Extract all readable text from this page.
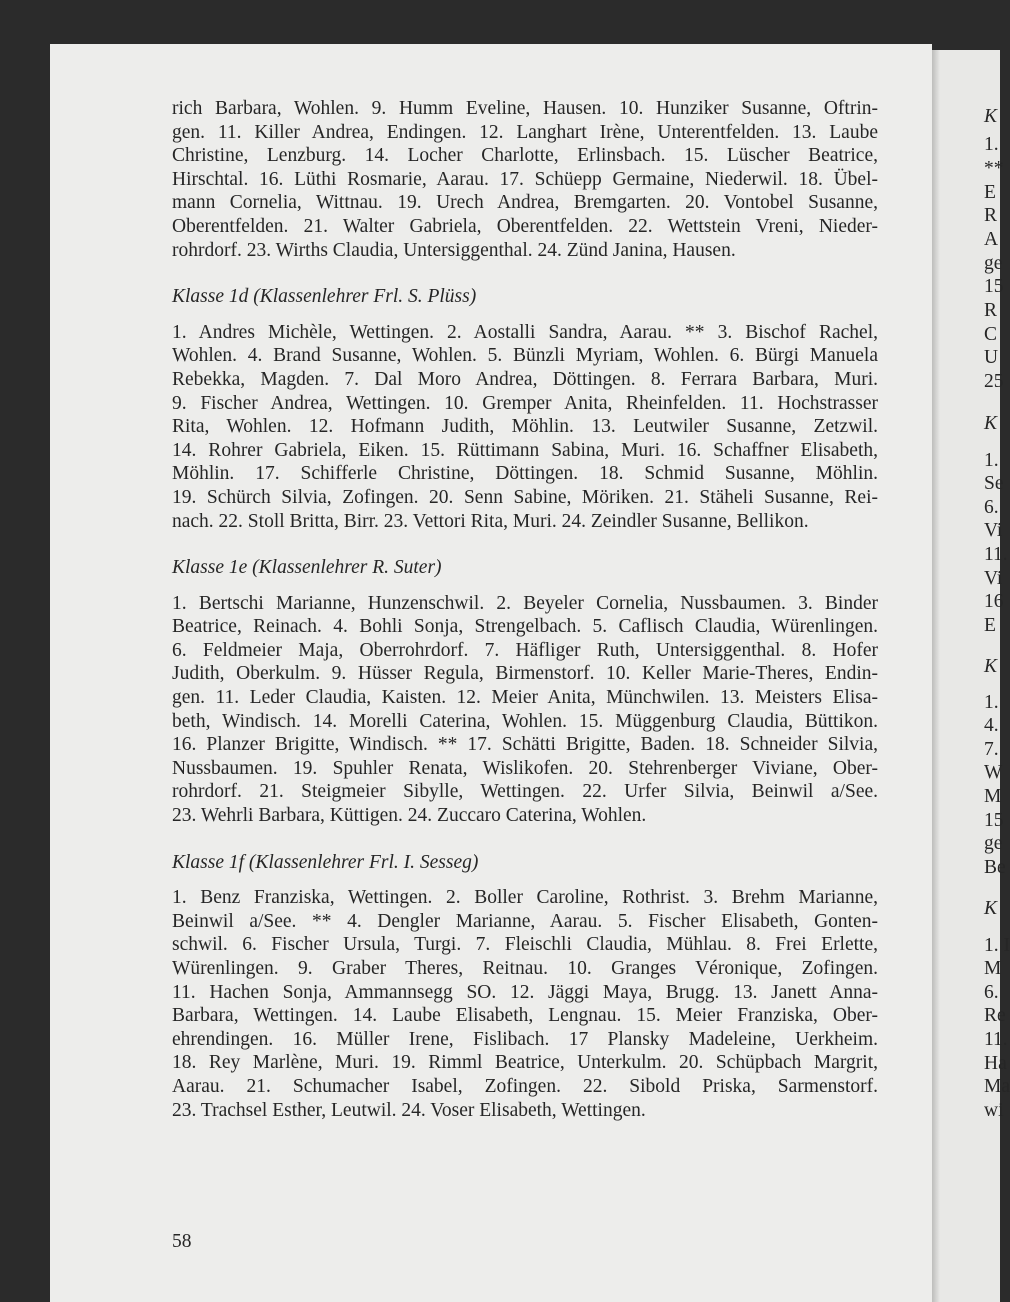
rich Barbara, Wohlen. 9. Humm Eveline, Hausen. 10. Hunziker Susanne, Oftrin-
gen. 11. Killer Andrea, Endingen. 12. Langhart Irène, Unterentfelden. 13. Laube
Christine, Lenzburg. 14. Locher Charlotte, Erlinsbach. 15. Lüscher Beatrice,
Hirschtal. 16. Lüthi Rosmarie, Aarau. 17. Schüepp Germaine, Niederwil. 18. Übel-
mann Cornelia, Wittnau. 19. Urech Andrea, Bremgarten. 20. Vontobel Susanne,
Oberentfelden. 21. Walter Gabriela, Oberentfelden. 22. Wettstein Vreni, Nieder-
rohrdorf. 23. Wirths Claudia, Untersiggenthal. 24. Zünd Janina, Hausen.

Klasse 1d (Klassenlehrer Frl. S. Plüss)

1. Andres Michèle, Wettingen. 2. Aostalli Sandra, Aarau. ** 3. Bischof Rachel,
Wohlen. 4. Brand Susanne, Wohlen. 5. Bünzli Myriam, Wohlen. 6. Bürgi Manuela
Rebekka, Magden. 7. Dal Moro Andrea, Döttingen. 8. Ferrara Barbara, Muri.
9. Fischer Andrea, Wettingen. 10. Gremper Anita, Rheinfelden. 11. Hochstrasser
Rita, Wohlen. 12. Hofmann Judith, Möhlin. 13. Leutwiler Susanne, Zetzwil.
14. Rohrer Gabriela, Eiken. 15. Rüttimann Sabina, Muri. 16. Schaffner Elisabeth,
Möhlin. 17. Schifferle Christine, Döttingen. 18. Schmid Susanne, Möhlin.
19. Schürch Silvia, Zofingen. 20. Senn Sabine, Möriken. 21. Stäheli Susanne, Rei-
nach. 22. Stoll Britta, Birr. 23. Vettori Rita, Muri. 24. Zeindler Susanne, Bellikon.

Klasse 1e (Klassenlehrer R. Suter)

1. Bertschi Marianne, Hunzenschwil. 2. Beyeler Cornelia, Nussbaumen. 3. Binder
Beatrice, Reinach. 4. Bohli Sonja, Strengelbach. 5. Caflisch Claudia, Würenlingen.
6. Feldmeier Maja, Oberrohrdorf. 7. Häfliger Ruth, Untersiggenthal. 8. Hofer
Judith, Oberkulm. 9. Hüsser Regula, Birmenstorf. 10. Keller Marie-Theres, Endin-
gen. 11. Leder Claudia, Kaisten. 12. Meier Anita, Münchwilen. 13. Meisters Elisa-
beth, Windisch. 14. Morelli Caterina, Wohlen. 15. Müggenburg Claudia, Büttikon.
16. Planzer Brigitte, Windisch. ** 17. Schätti Brigitte, Baden. 18. Schneider Silvia,
Nussbaumen. 19. Spuhler Renata, Wislikofen. 20. Stehrenberger Viviane, Ober-
rohrdorf. 21. Steigmeier Sibylle, Wettingen. 22. Urfer Silvia, Beinwil a/See.
23. Wehrli Barbara, Küttigen. 24. Zuccaro Caterina, Wohlen.

Klasse 1f (Klassenlehrer Frl. I. Sesseg)

1. Benz Franziska, Wettingen. 2. Boller Caroline, Rothrist. 3. Brehm Marianne,
Beinwil a/See. ** 4. Dengler Marianne, Aarau. 5. Fischer Elisabeth, Gonten-
schwil. 6. Fischer Ursula, Turgi. 7. Fleischli Claudia, Mühlau. 8. Frei Erlette,
Würenlingen. 9. Graber Theres, Reitnau. 10. Granges Véronique, Zofingen.
11. Hachen Sonja, Ammannsegg SO. 12. Jäggi Maya, Brugg. 13. Janett Anna-
Barbara, Wettingen. 14. Laube Elisabeth, Lengnau. 15. Meier Franziska, Ober-
ehrendingen. 16. Müller Irene, Fislibach. 17 Plansky Madeleine, Uerkheim.
18. Rey Marlène, Muri. 19. Rimml Beatrice, Unterkulm. 20. Schüpbach Margrit,
Aarau. 21. Schumacher Isabel, Zofingen. 22. Sibold Priska, Sarmenstorf.
23. Trachsel Esther, Leutwil. 24. Voser Elisabeth, Wettingen.

58
K
1.
**
E
R
A
ge
15
R
C
U
25
K
1.
Se
6.
Vi
11.
Vi
16
E
K
1.
4.
7.
W
M
15
ge
Be
K
1. I
M
6.
Re
11.
Ha
Ma
wi
